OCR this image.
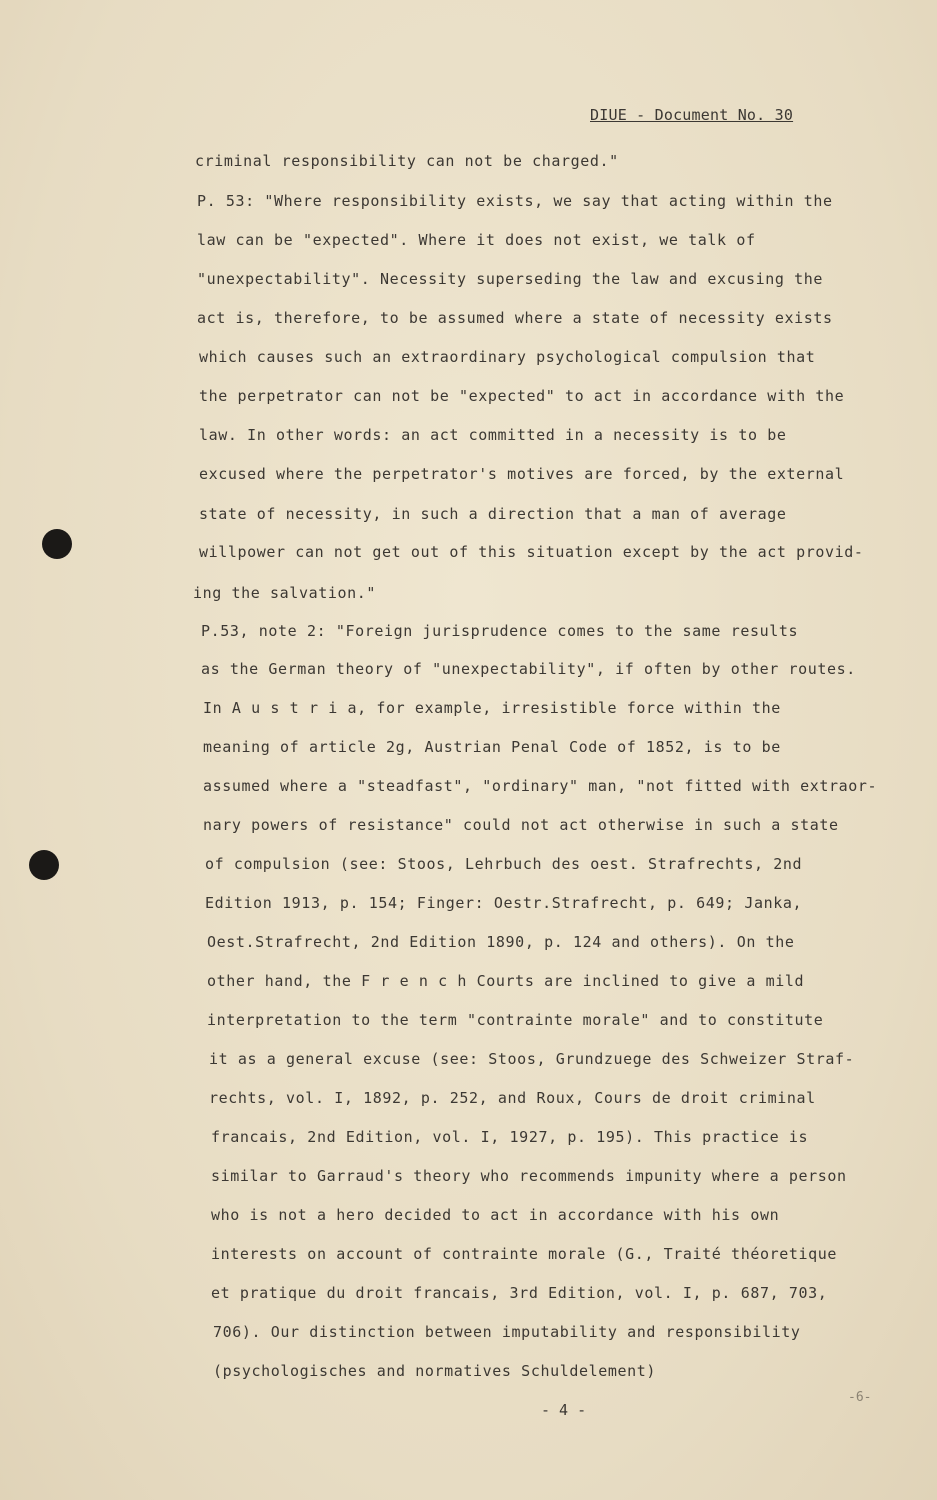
DIUE - Document No. 30
criminal responsibility can not be charged."
P. 53: "Where responsibility exists, we say that acting within the
law can be "expected". Where it does not exist, we talk of
"unexpectability". Necessity superseding the law and excusing the
act is, therefore, to be assumed where a state of necessity exists
which causes such an extraordinary psychological compulsion that
the perpetrator can not be "expected" to act in accordance with the
law. In other words: an act committed in a necessity is to be
excused where the perpetrator's motives are forced, by the external
state of necessity, in such a direction that a man of average
willpower can not get out of this situation except by the act provid-
ing the salvation."
P.53, note 2: "Foreign jurisprudence comes to the same results
as the German theory of "unexpectability", if often by other routes.
In A u s t r i a, for example, irresistible force within the
meaning of article 2g, Austrian Penal Code of 1852, is to be
assumed where a "steadfast", "ordinary" man, "not fitted with extraor-
nary powers of resistance" could not act otherwise in such a state
of compulsion (see: Stoos, Lehrbuch des oest. Strafrechts, 2nd
Edition 1913, p. 154; Finger: Oestr.Strafrecht, p. 649; Janka,
Oest.Strafrecht, 2nd Edition 1890, p. 124 and others). On the
other hand, the F r e n c h Courts are inclined to give a mild
interpretation to the term "contrainte morale" and to constitute
it as a general excuse (see: Stoos, Grundzuege des Schweizer Straf-
rechts, vol. I, 1892, p. 252, and Roux, Cours de droit criminal
francais, 2nd Edition, vol. I, 1927, p. 195). This practice is
similar to Garraud's theory who recommends impunity where a person
who is not a hero decided to act in accordance with his own
interests on account of contrainte morale (G., Traité théoretique
et pratique du droit francais, 3rd Edition, vol. I, p. 687, 703,
706). Our distinction between imputability and responsibility
(psychologisches and normatives Schuldelement)
- 4 -
-6-
